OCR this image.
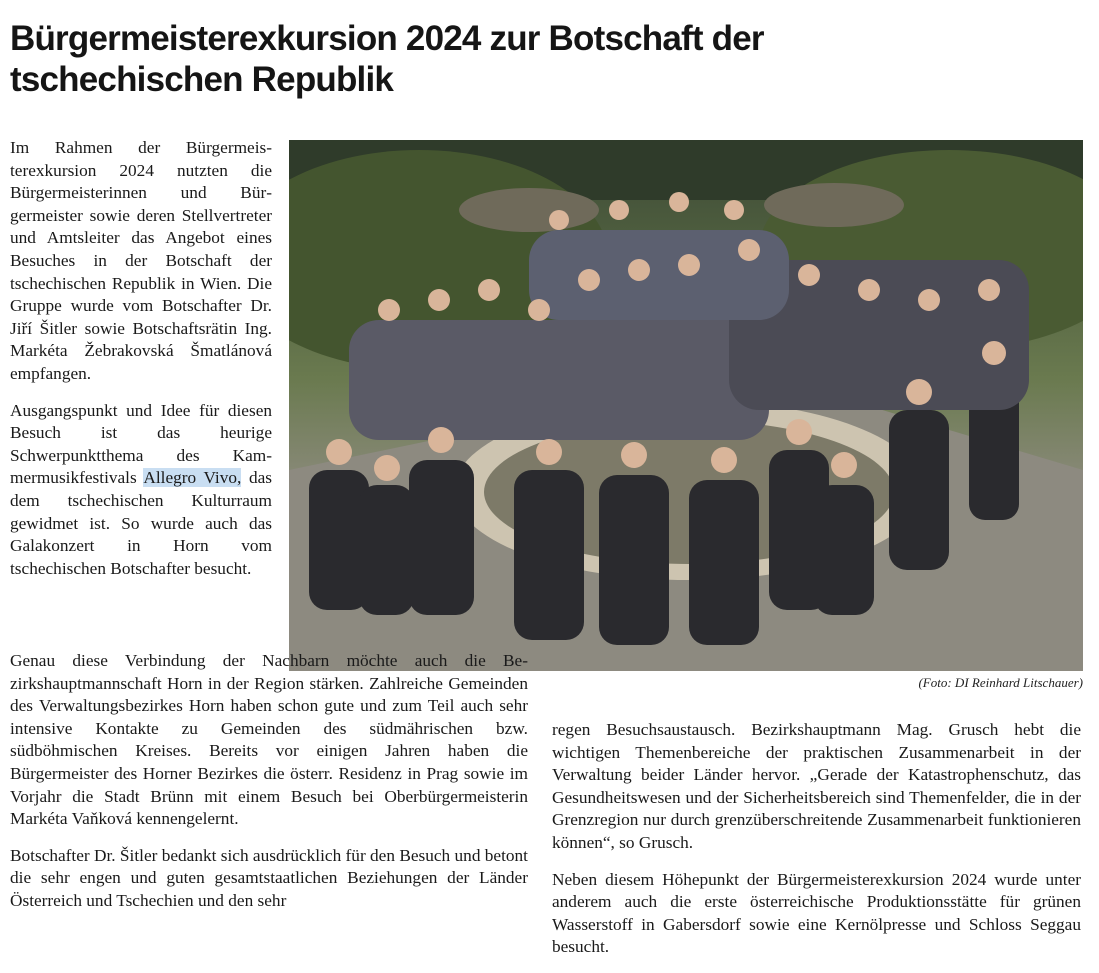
Bürgermeisterexkursion 2024 zur Botschaft der
tschechischen Republik

Im Rahmen der Bürgermeisterexkursion 2024 nutzten die Bürgermeisterinnen und Bürgermeister sowie deren Stellvertreter und Amtsleiter das Angebot eines Besuches in der Botschaft der tschechischen Republik in Wien. Die Gruppe wurde vom Botschafter Dr. Jiří Šitler sowie Botschaftsrätin Ing. Markéta Žebrakovská Šmatlánová empfangen.

Ausgangspunkt und Idee für diesen Besuch ist das heurige Schwerpunktthema des Kammermusikfestivals Allegro Vivo, das dem tschechischen Kulturraum gewidmet ist. So wurde auch das Galakonzert in Horn vom tschechischen Botschafter besucht.

(Foto: DI Reinhard Litschauer)

Genau diese Verbindung der Nachbarn möchte auch die Bezirkshauptmannschaft Horn in der Region stärken. Zahlreiche Gemeinden des Verwaltungsbezirkes Horn haben schon gute und zum Teil auch sehr intensive Kontakte zu Gemeinden des südmährischen bzw. südböhmischen Kreises. Bereits vor einigen Jahren haben die Bürgermeister des Horner Bezirkes die österr. Residenz in Prag sowie im Vorjahr die Stadt Brünn mit einem Besuch bei Oberbürgermeisterin Markéta Vaňková kennengelernt.

Botschafter Dr. Šitler bedankt sich ausdrücklich für den Besuch und betont die sehr engen und guten gesamtstaatlichen Beziehungen der Länder Österreich und Tschechien und den sehr

regen Besuchsaustausch. Bezirkshauptmann Mag. Grusch hebt die wichtigen Themenbereiche der praktischen Zusammenarbeit in der Verwaltung beider Länder hervor. „Gerade der Katastrophenschutz, das Gesundheitswesen und der Sicherheitsbereich sind Themenfelder, die in der Grenzregion nur durch grenzüberschreitende Zusammenarbeit funktionieren können“, so Grusch.

Neben diesem Höhepunkt der Bürgermeisterexkursion 2024 wurde unter anderem auch die erste österreichische Produktionsstätte für grünen Wasserstoff in Gabersdorf sowie eine Kernölpresse und Schloss Seggau besucht.
